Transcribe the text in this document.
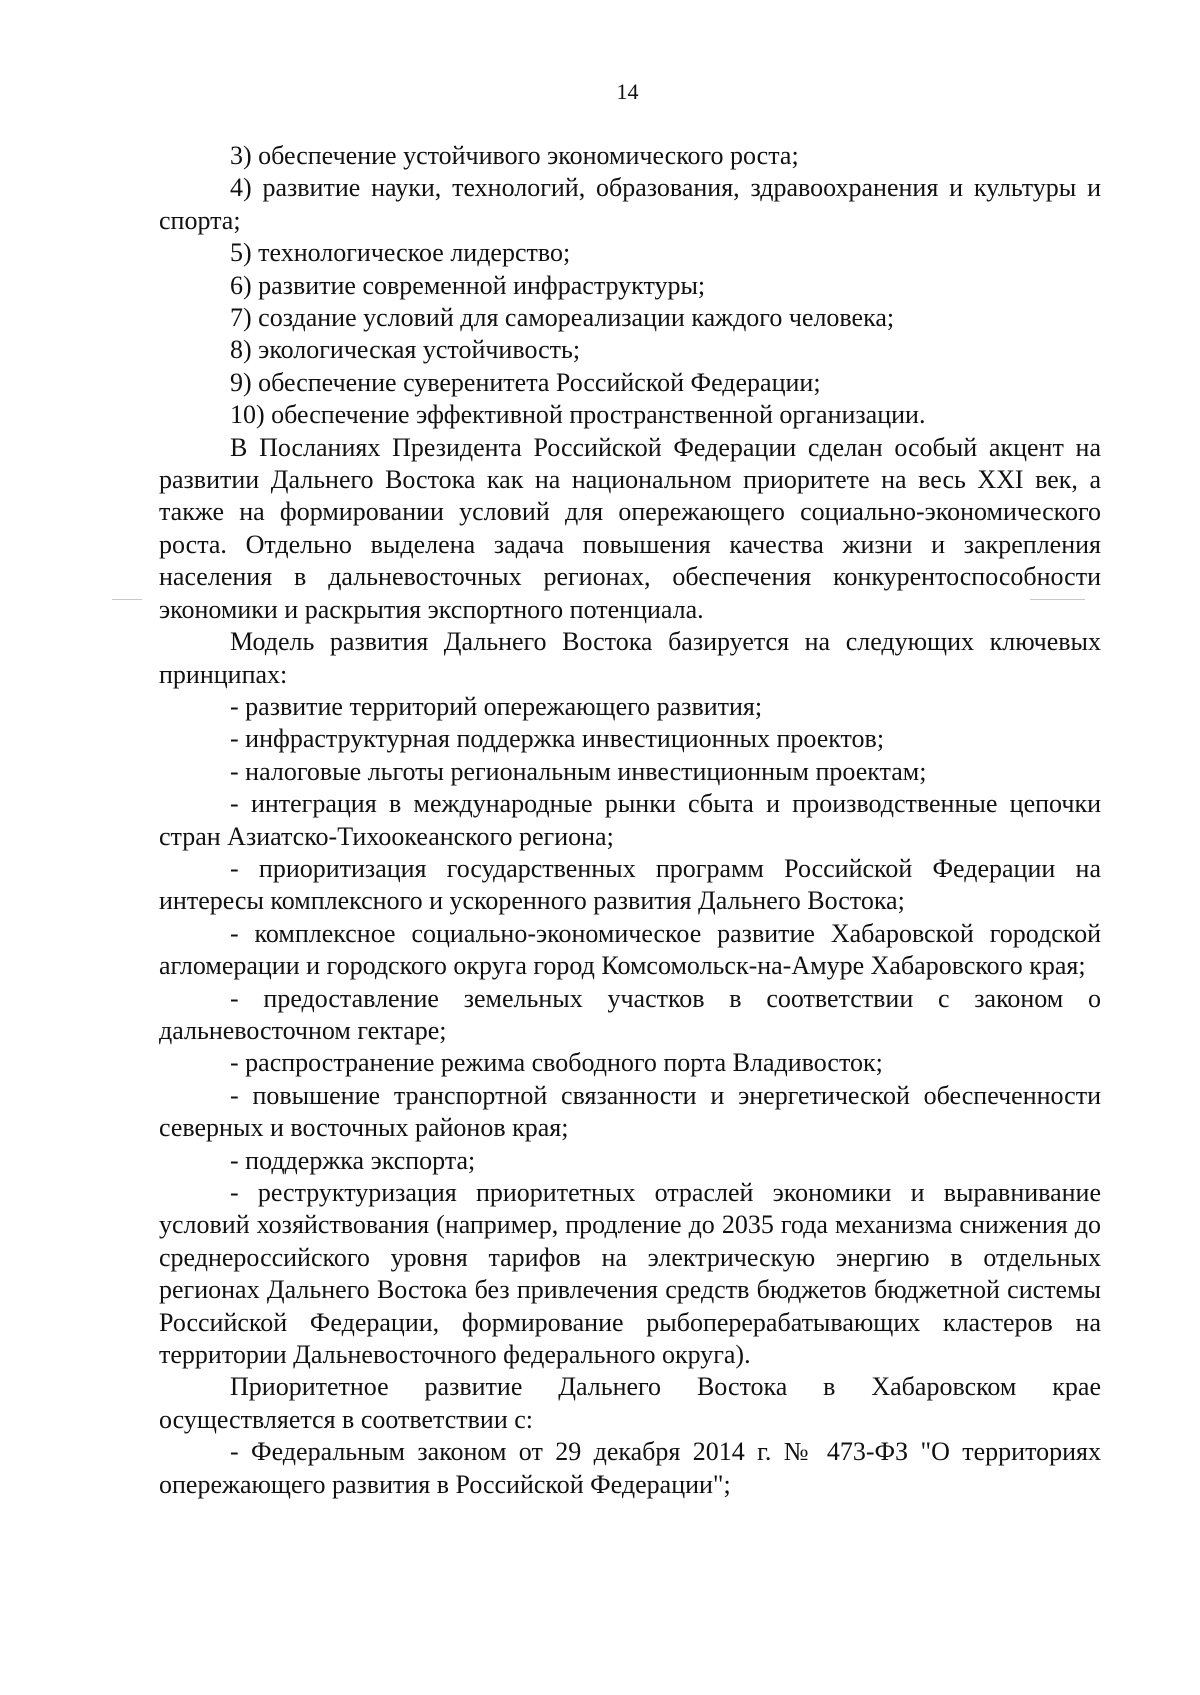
14

3) обеспечение устойчивого экономического роста;

4) развитие науки, технологий, образования, здравоохранения и культуры и спорта;

5) технологическое лидерство;

6) развитие современной инфраструктуры;

7) создание условий для самореализации каждого человека;

8) экологическая устойчивость;

9) обеспечение суверенитета Российской Федерации;

10) обеспечение эффективной пространственной организации.

В Посланиях Президента Российской Федерации сделан особый акцент на развитии Дальнего Востока как на национальном приоритете на весь XXI век, а также на формировании условий для опережающего социально-экономического роста. Отдельно выделена задача повышения качества жизни и закрепления населения в дальневосточных регионах, обеспечения конкурентоспособности экономики и раскрытия экспортного потенциала.

Модель развития Дальнего Востока базируется на следующих ключевых принципах:

- развитие территорий опережающего развития;

- инфраструктурная поддержка инвестиционных проектов;

- налоговые льготы региональным инвестиционным проектам;

- интеграция в международные рынки сбыта и производственные цепочки стран Азиатско-Тихоокеанского региона;

- приоритизация государственных программ Российской Федерации на интересы комплексного и ускоренного развития Дальнего Востока;

- комплексное социально-экономическое развитие Хабаровской городской агломерации и городского округа город Комсомольск-на-Амуре Хабаровского края;

- предоставление земельных участков в соответствии с законом о дальневосточном гектаре;

- распространение режима свободного порта Владивосток;

- повышение транспортной связанности и энергетической обеспеченности северных и восточных районов края;

- поддержка экспорта;

- реструктуризация приоритетных отраслей экономики и выравнивание условий хозяйствования (например, продление до 2035 года механизма снижения до среднероссийского уровня тарифов на электрическую энергию в отдельных регионах Дальнего Востока без привлечения средств бюджетов бюджетной системы Российской Федерации, формирование рыбоперерабатывающих кластеров на территории Дальневосточного федерального округа).

Приоритетное развитие Дальнего Востока в Хабаровском крае осуществляется в соответствии с:

- Федеральным законом от 29 декабря 2014 г. № 473-ФЗ "О территориях опережающего развития в Российской Федерации";
